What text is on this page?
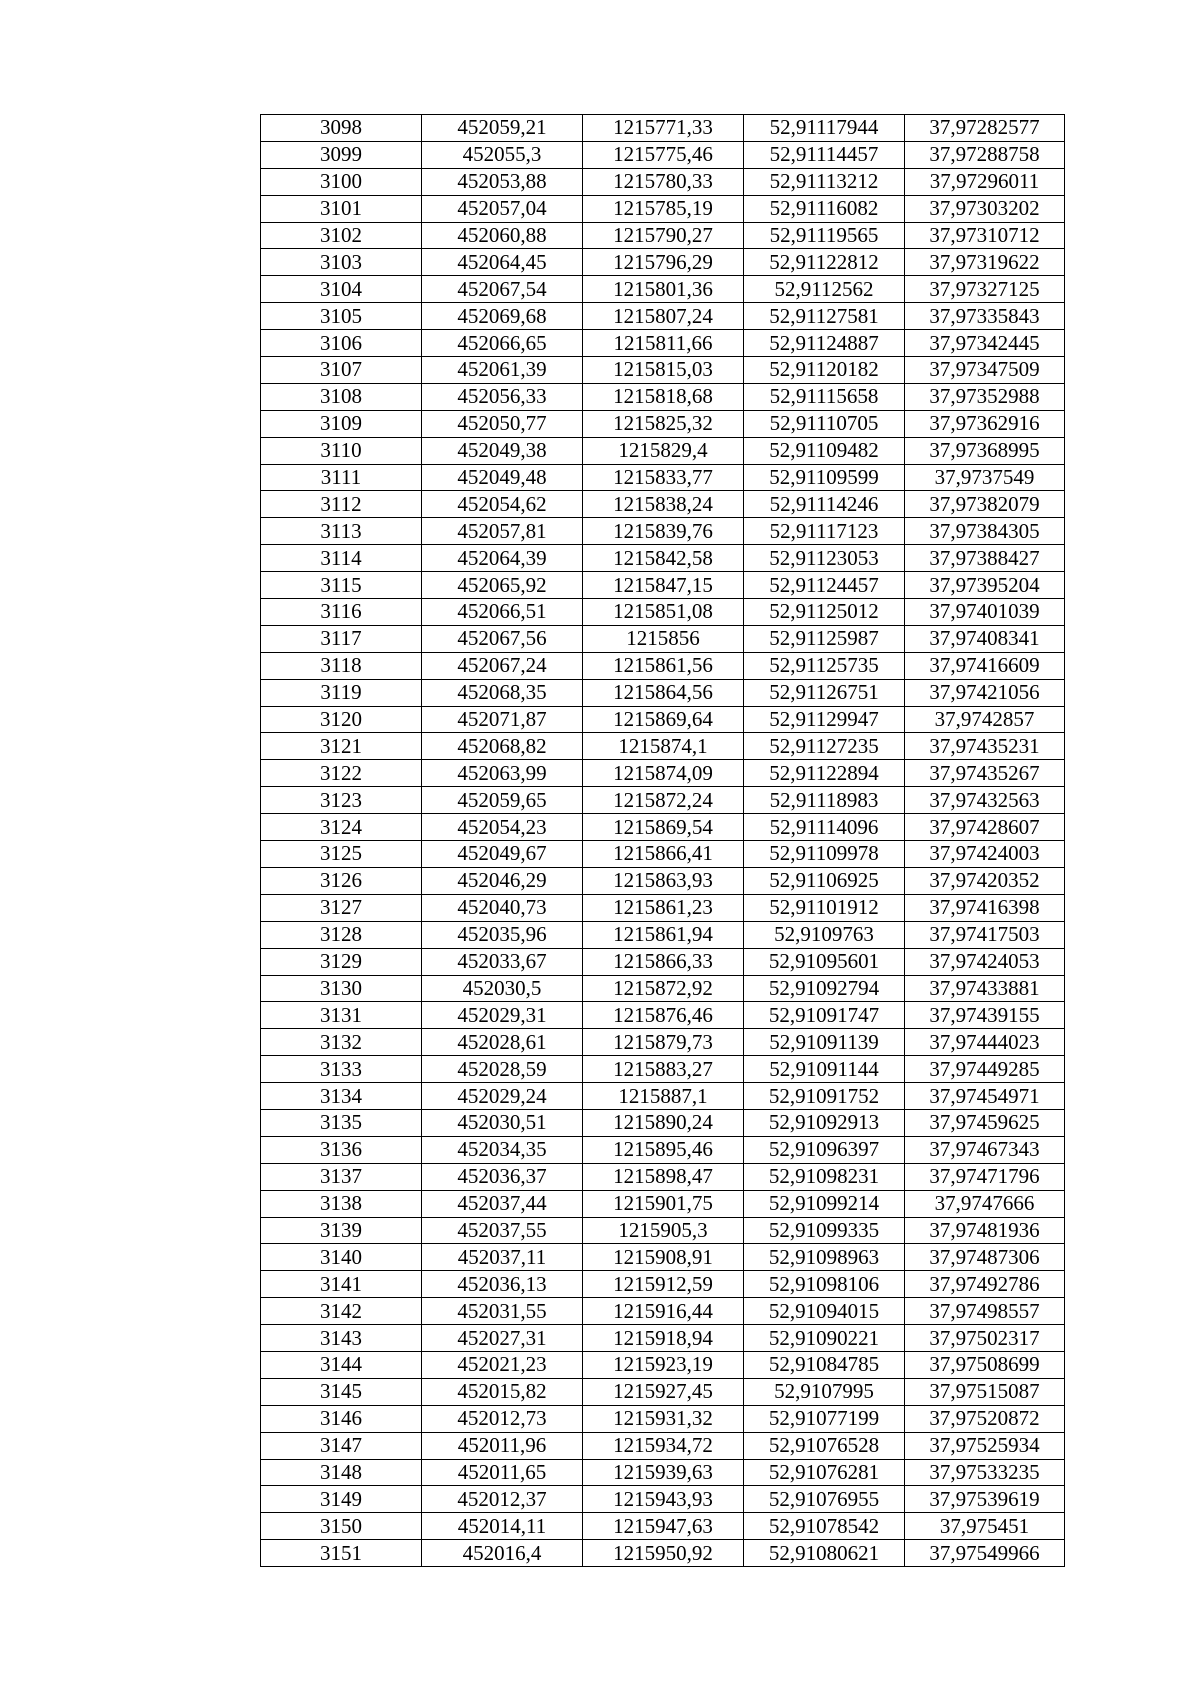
3098	452059,21	1215771,33	52,91117944	37,97282577
3099	452055,3	1215775,46	52,91114457	37,97288758
3100	452053,88	1215780,33	52,91113212	37,97296011
3101	452057,04	1215785,19	52,91116082	37,97303202
3102	452060,88	1215790,27	52,91119565	37,97310712
3103	452064,45	1215796,29	52,91122812	37,97319622
3104	452067,54	1215801,36	52,9112562	37,97327125
3105	452069,68	1215807,24	52,91127581	37,97335843
3106	452066,65	1215811,66	52,91124887	37,97342445
3107	452061,39	1215815,03	52,91120182	37,97347509
3108	452056,33	1215818,68	52,91115658	37,97352988
3109	452050,77	1215825,32	52,91110705	37,97362916
3110	452049,38	1215829,4	52,91109482	37,97368995
3111	452049,48	1215833,77	52,91109599	37,9737549
3112	452054,62	1215838,24	52,91114246	37,97382079
3113	452057,81	1215839,76	52,91117123	37,97384305
3114	452064,39	1215842,58	52,91123053	37,97388427
3115	452065,92	1215847,15	52,91124457	37,97395204
3116	452066,51	1215851,08	52,91125012	37,97401039
3117	452067,56	1215856	52,91125987	37,97408341
3118	452067,24	1215861,56	52,91125735	37,97416609
3119	452068,35	1215864,56	52,91126751	37,97421056
3120	452071,87	1215869,64	52,91129947	37,9742857
3121	452068,82	1215874,1	52,91127235	37,97435231
3122	452063,99	1215874,09	52,91122894	37,97435267
3123	452059,65	1215872,24	52,91118983	37,97432563
3124	452054,23	1215869,54	52,91114096	37,97428607
3125	452049,67	1215866,41	52,91109978	37,97424003
3126	452046,29	1215863,93	52,91106925	37,97420352
3127	452040,73	1215861,23	52,91101912	37,97416398
3128	452035,96	1215861,94	52,9109763	37,97417503
3129	452033,67	1215866,33	52,91095601	37,97424053
3130	452030,5	1215872,92	52,91092794	37,97433881
3131	452029,31	1215876,46	52,91091747	37,97439155
3132	452028,61	1215879,73	52,91091139	37,97444023
3133	452028,59	1215883,27	52,91091144	37,97449285
3134	452029,24	1215887,1	52,91091752	37,97454971
3135	452030,51	1215890,24	52,91092913	37,97459625
3136	452034,35	1215895,46	52,91096397	37,97467343
3137	452036,37	1215898,47	52,91098231	37,97471796
3138	452037,44	1215901,75	52,91099214	37,9747666
3139	452037,55	1215905,3	52,91099335	37,97481936
3140	452037,11	1215908,91	52,91098963	37,97487306
3141	452036,13	1215912,59	52,91098106	37,97492786
3142	452031,55	1215916,44	52,91094015	37,97498557
3143	452027,31	1215918,94	52,91090221	37,97502317
3144	452021,23	1215923,19	52,91084785	37,97508699
3145	452015,82	1215927,45	52,9107995	37,97515087
3146	452012,73	1215931,32	52,91077199	37,97520872
3147	452011,96	1215934,72	52,91076528	37,97525934
3148	452011,65	1215939,63	52,91076281	37,97533235
3149	452012,37	1215943,93	52,91076955	37,97539619
3150	452014,11	1215947,63	52,91078542	37,975451
3151	452016,4	1215950,92	52,91080621	37,97549966
